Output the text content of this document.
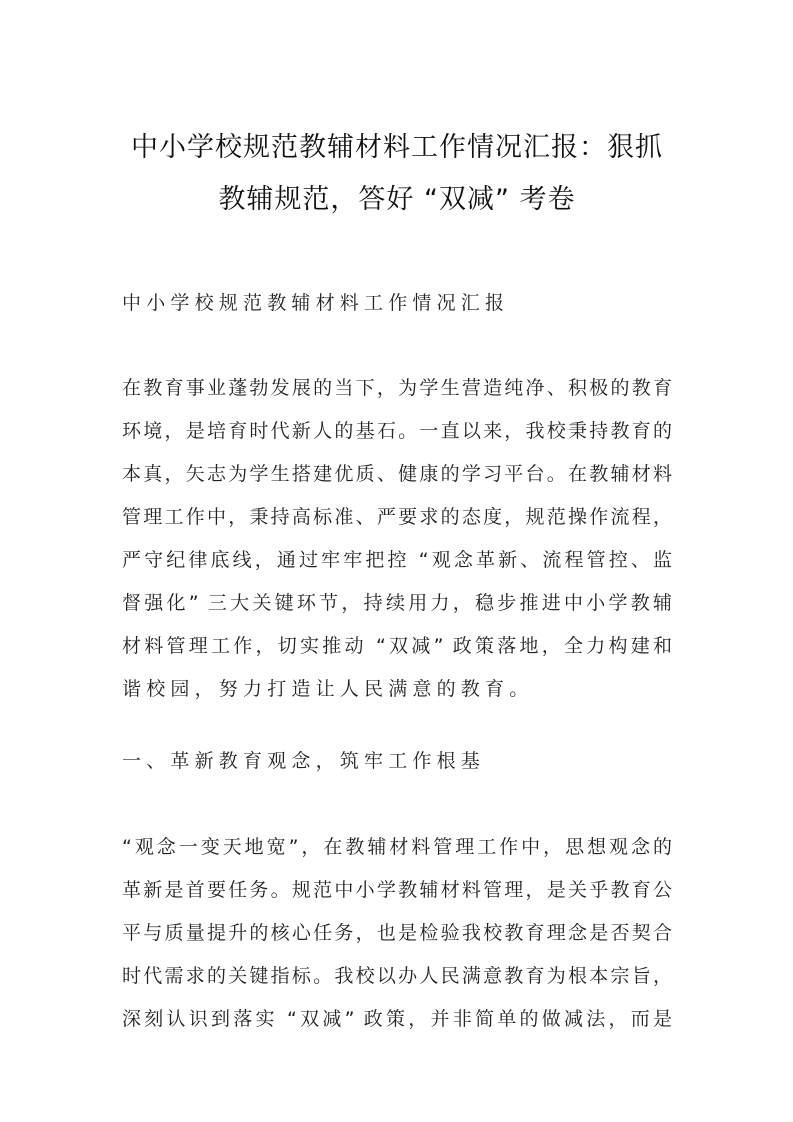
中小学校规范教辅材料工作情况汇报：狠抓
教辅规范，答好 “双减” 考卷
中小学校规范教辅材料工作情况汇报
在教育事业蓬勃发展的当下，为学生营造纯净、积极的教育
环境，是培育时代新人的基石。一直以来，我校秉持教育的
本真，矢志为学生搭建优质、健康的学习平台。在教辅材料
管理工作中，秉持高标准、严要求的态度，规范操作流程，
严守纪律底线，通过牢牢把控 “观念革新、流程管控、监
督强化” 三大关键环节，持续用力，稳步推进中小学教辅
材料管理工作，切实推动 “双减” 政策落地，全力构建和
谐校园，努力打造让人民满意的教育。
一、革新教育观念，筑牢工作根基
“观念一变天地宽”，在教辅材料管理工作中，思想观念的
革新是首要任务。规范中小学教辅材料管理，是关乎教育公
平与质量提升的核心任务，也是检验我校教育理念是否契合
时代需求的关键指标。我校以办人民满意教育为根本宗旨，
深刻认识到落实 “双减” 政策，并非简单的做减法，而是
